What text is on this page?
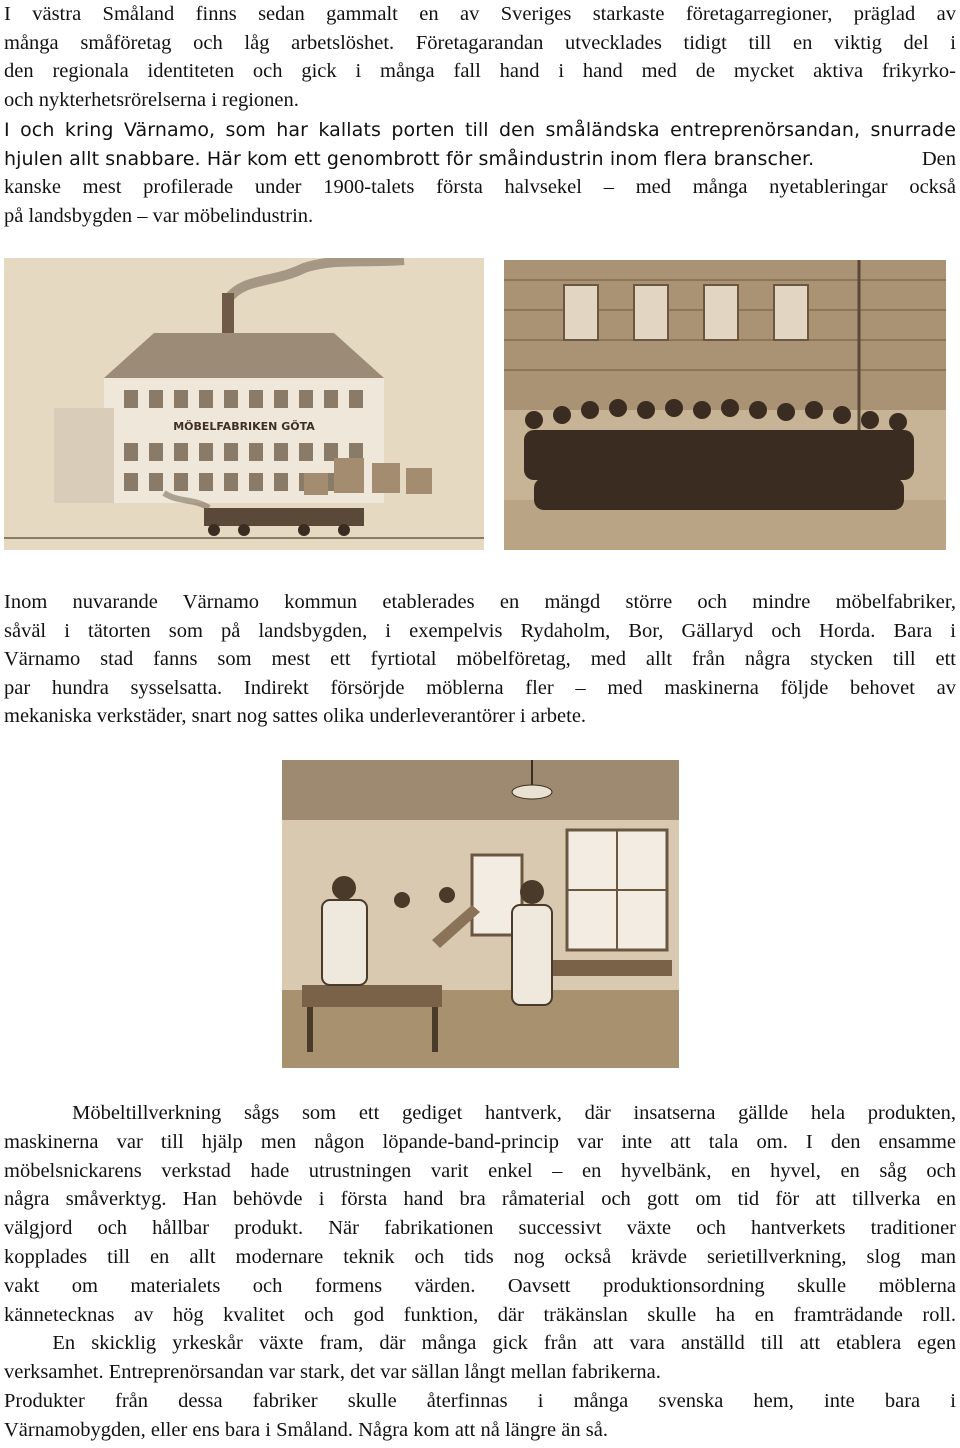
I västra Småland finns sedan gammalt en av Sveriges starkaste företagarregioner, präglad av
många småföretag och låg arbetslöshet. Företagarandan utvecklades tidigt till en viktig del i
den regionala identiteten och gick i många fall hand i hand med de mycket aktiva frikyrko-
och nykterhetsrörelserna i regionen.
I och kring Värnamo, som har kallats porten till den småländska entreprenörsandan, snurrade
hjulen allt snabbare. Här kom ett genombrott för småindustrin inom flera branscher.	Den
kanske mest profilerade under 1900-talets första halvsekel – med många nyetableringar också
på landsbygden – var möbelindustrin.
MÖBELFABRIKEN GÖTA
Inom nuvarande Värnamo kommun etablerades en mängd större och mindre möbelfabriker,
såväl i tätorten som på landsbygden, i exempelvis Rydaholm, Bor, Gällaryd och Horda. Bara i
Värnamo stad fanns som mest ett fyrtiotal möbelföretag, med allt från några stycken till ett
par hundra sysselsatta. Indirekt försörjde möblerna fler – med maskinerna följde behovet av
mekaniska verkstäder, snart nog sattes olika underleverantörer i arbete.
Möbeltillverkning sågs som ett gediget hantverk, där insatserna gällde hela produkten,
maskinerna var till hjälp men någon löpande-band-princip var inte att tala om. I den ensamme
möbelsnickarens verkstad hade utrustningen varit enkel – en hyvelbänk, en hyvel, en såg och
några småverktyg. Han behövde i första hand bra råmaterial och gott om tid för att tillverka en
välgjord och hållbar produkt. När fabrikationen successivt växte och hantverkets traditioner
kopplades till en allt modernare teknik och tids nog också krävde serietillverkning, slog man
vakt om materialets och formens värden. Oavsett produktionsordning skulle möblerna
kännetecknas av hög kvalitet och god funktion, där träkänslan skulle ha en framträdande roll.
En skicklig yrkeskår växte fram, där många gick från att vara anställd till att etablera egen
verksamhet. Entreprenörsandan var stark, det var sällan långt mellan fabrikerna.
Produkter från dessa fabriker skulle återfinnas i många svenska hem, inte bara i
Värnamobygden, eller ens bara i Småland. Några kom att nå längre än så.
